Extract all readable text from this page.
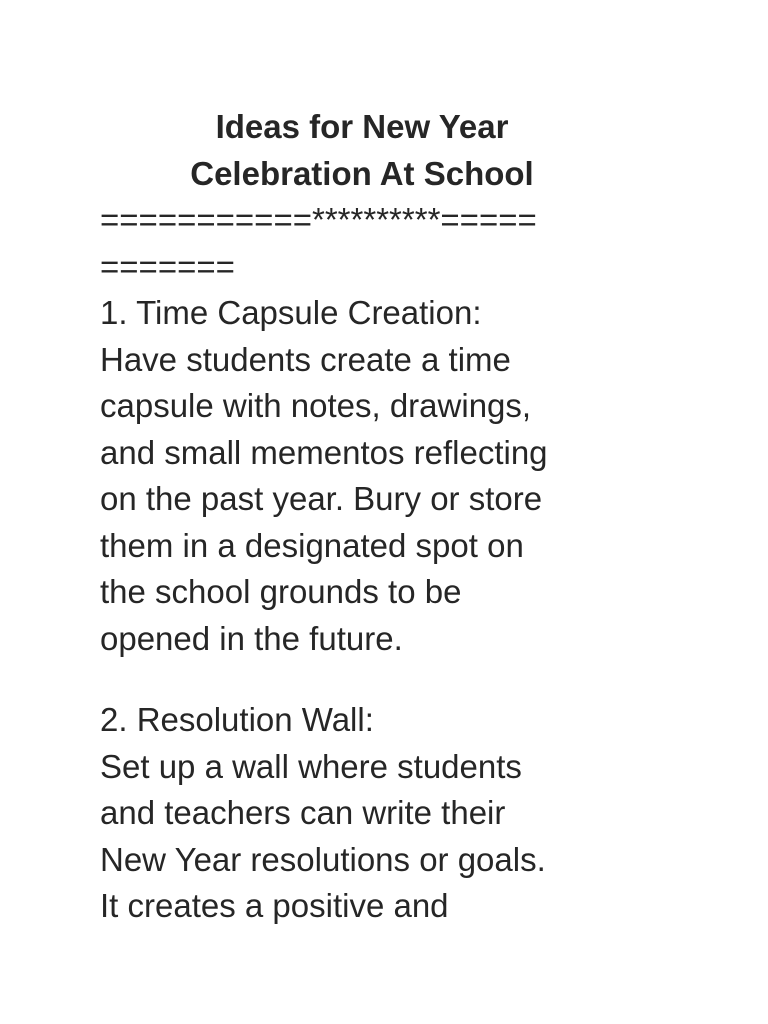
Ideas for New Year
Celebration At School
===========**********=====
=======
1. Time Capsule Creation:
Have students create a time
capsule with notes, drawings,
and small mementos reflecting
on the past year. Bury or store
them in a designated spot on
the school grounds to be
opened in the future.
2. Resolution Wall:
Set up a wall where students
and teachers can write their
New Year resolutions or goals.
It creates a positive and
